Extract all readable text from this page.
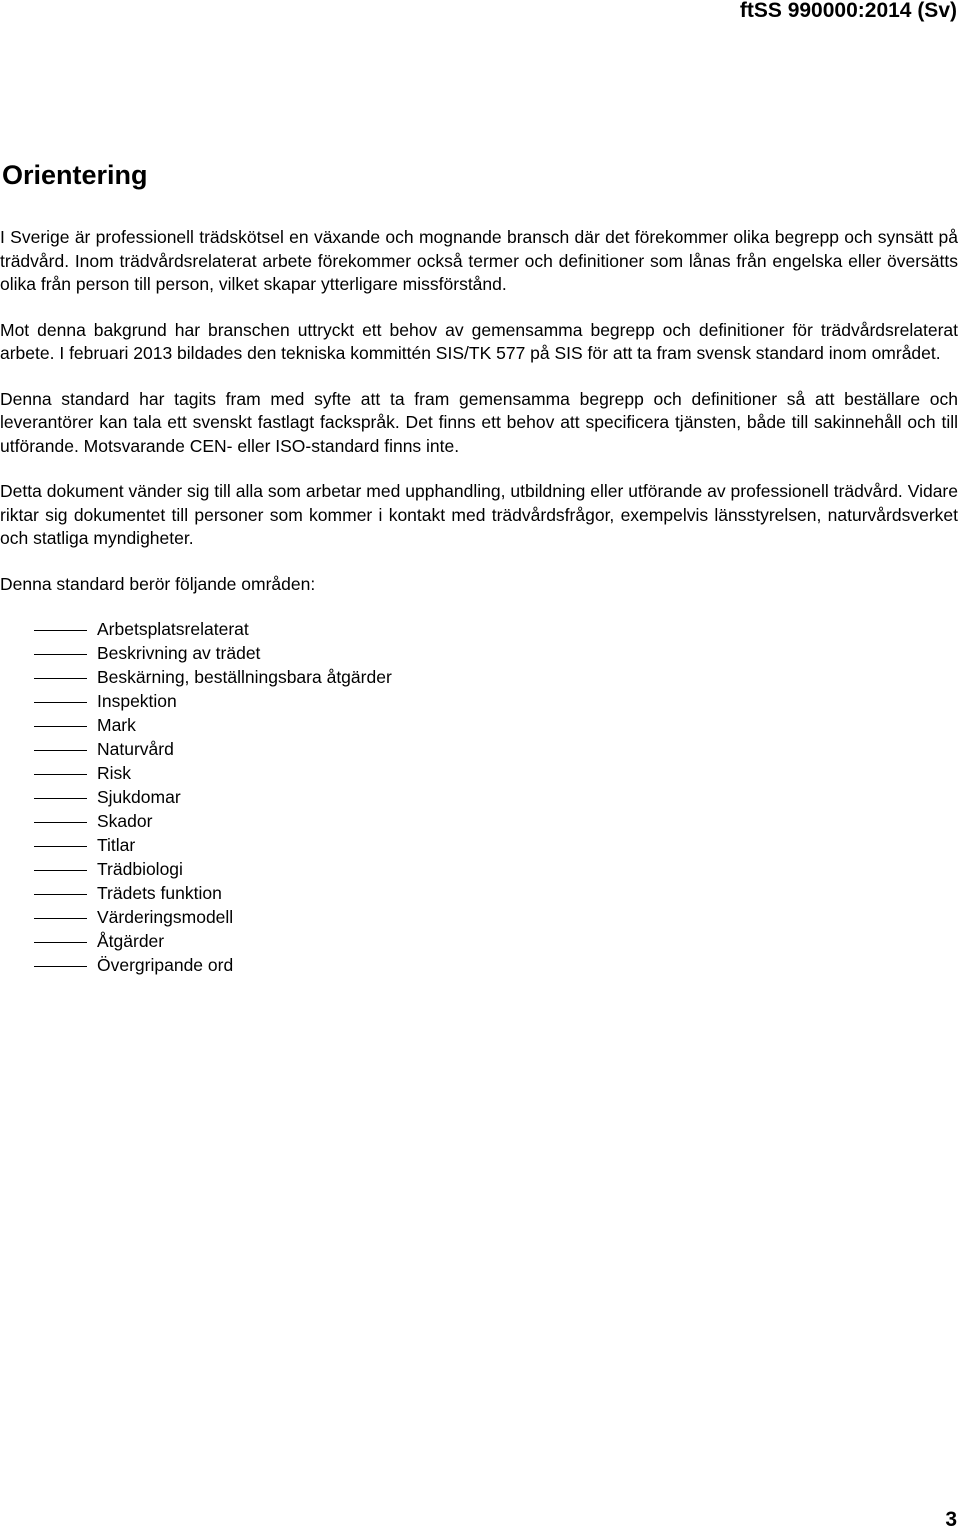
ftSS 990000:2014 (Sv)

Orientering

I Sverige är professionell trädskötsel en växande och mognande bransch där det förekommer olika begrepp och synsätt på trädvård. Inom trädvårdsrelaterat arbete förekommer också termer och definitioner som lånas från engelska eller översätts olika från person till person, vilket skapar ytterligare missförstånd.

Mot denna bakgrund har branschen uttryckt ett behov av gemensamma begrepp och definitioner för trädvårdsrelaterat arbete. I februari 2013 bildades den tekniska kommittén SIS/TK 577 på SIS för att ta fram svensk standard inom området.

Denna standard har tagits fram med syfte att ta fram gemensamma begrepp och definitioner så att beställare och leverantörer kan tala ett svenskt fastlagt fackspråk. Det finns ett behov att specificera tjänsten, både till sakinnehåll och till utförande. Motsvarande CEN- eller ISO-standard finns inte.

Detta dokument vänder sig till alla som arbetar med upphandling, utbildning eller utförande av professionell trädvård. Vidare riktar sig dokumentet till personer som kommer i kontakt med trädvårdsfrågor, exempelvis länsstyrelsen, naturvårdsverket och statliga myndigheter.

Denna standard berör följande områden:

Arbetsplatsrelaterat
Beskrivning av trädet
Beskärning, beställningsbara åtgärder
Inspektion
Mark
Naturvård
Risk
Sjukdomar
Skador
Titlar
Trädbiologi
Trädets funktion
Värderingsmodell
Åtgärder
Övergripande ord

3
